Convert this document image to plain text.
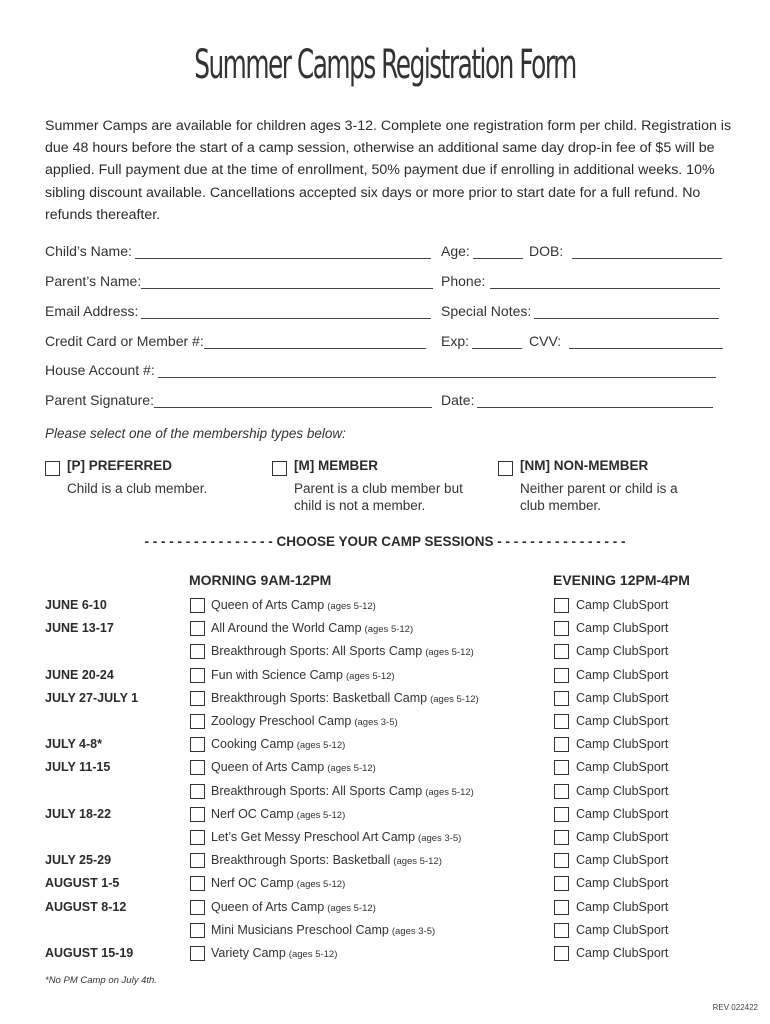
Summer Camps Registration Form

Summer Camps are available for children ages 3-12. Complete one registration form per child. Registration is due 48 hours before the start of a camp session, otherwise an additional same day drop-in fee of $5 will be applied. Full payment due at the time of enrollment, 50% payment due if enrolling in additional weeks. 10% sibling discount available. Cancellations accepted six days or more prior to start date for a full refund. No refunds thereafter.

Child’s Name:	Age:	DOB:
Parent’s Name:	Phone:
Email Address:	Special Notes:
Credit Card or Member #:	Exp:	CVV:
House Account #:
Parent Signature:	Date:
Please select one of the membership types below:
[P] PREFERRED
Child is a club member.
[M] MEMBER
Parent is a club member but child is not a member.
[NM] NON-MEMBER
Neither parent or child is a club member.
- - - - - - - - - - - - - - - - CHOOSE YOUR CAMP SESSIONS - - - - - - - - - - - - - - - -
MORNING 9AM-12PM	EVENING 12PM-4PM
JUNE 6-10	Queen of Arts Camp (ages 5-12)	Camp ClubSport
JUNE 13-17	All Around the World Camp (ages 5-12)	Camp ClubSport
Breakthrough Sports: All Sports Camp (ages 5-12)	Camp ClubSport
JUNE 20-24	Fun with Science Camp (ages 5-12)	Camp ClubSport
JULY 27-JULY 1	Breakthrough Sports: Basketball Camp (ages 5-12)	Camp ClubSport
Zoology Preschool Camp (ages 3-5)	Camp ClubSport
JULY 4-8*	Cooking Camp (ages 5-12)	Camp ClubSport
JULY 11-15	Queen of Arts Camp (ages 5-12)	Camp ClubSport
Breakthrough Sports: All Sports Camp (ages 5-12)	Camp ClubSport
JULY 18-22	Nerf OC Camp (ages 5-12)	Camp ClubSport
Let’s Get Messy Preschool Art Camp (ages 3-5)	Camp ClubSport
JULY 25-29	Breakthrough Sports: Basketball (ages 5-12)	Camp ClubSport
AUGUST 1-5	Nerf OC Camp (ages 5-12)	Camp ClubSport
AUGUST 8-12	Queen of Arts Camp (ages 5-12)	Camp ClubSport
Mini Musicians Preschool Camp (ages 3-5)	Camp ClubSport
AUGUST 15-19	Variety Camp (ages 5-12)	Camp ClubSport
*No PM Camp on July 4th.
REV 022422
